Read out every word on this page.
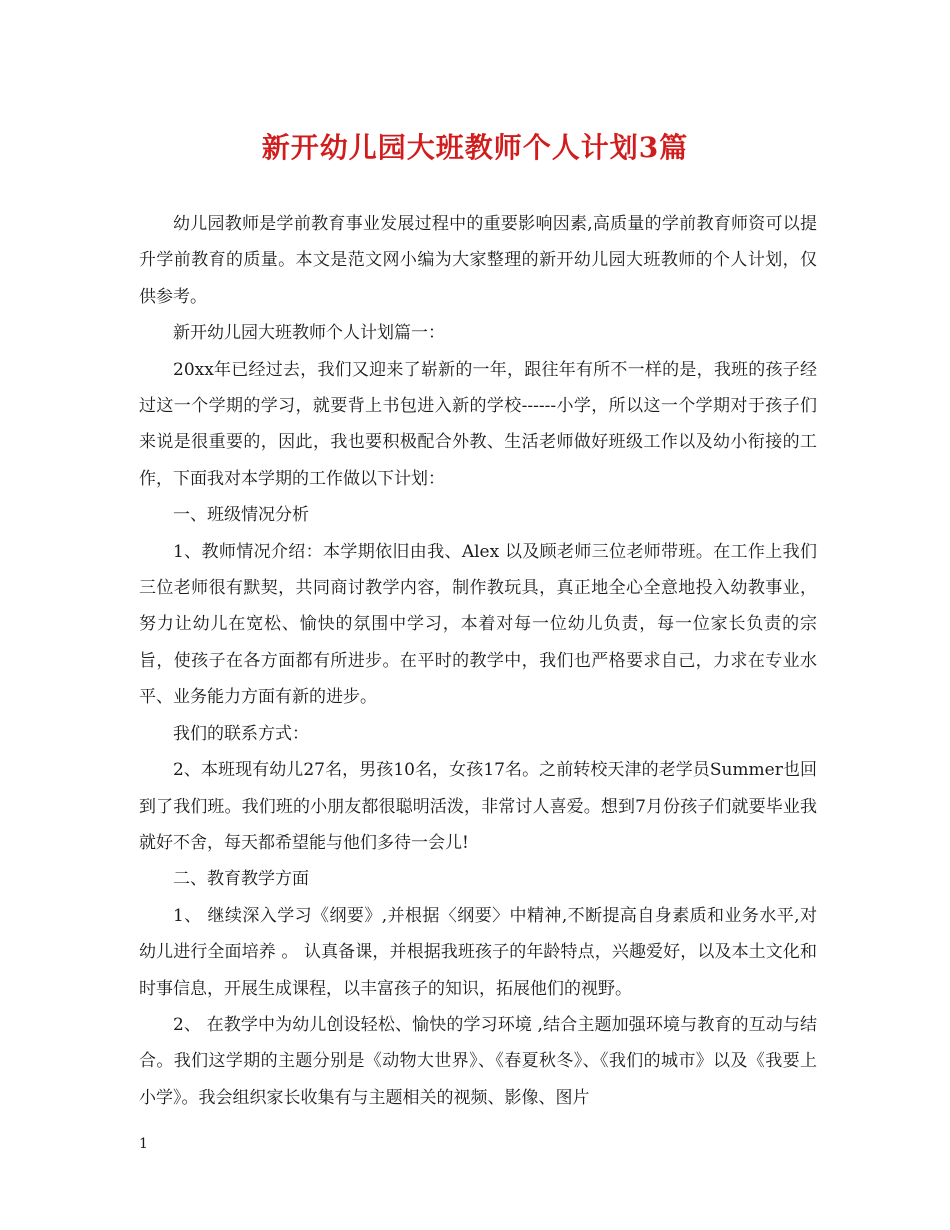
新开幼儿园大班教师个人计划3篇

幼儿园教师是学前教育事业发展过程中的重要影响因素,高质量的学前教育师资可以提升学前教育的质量。本文是范文网小编为大家整理的新开幼儿园大班教师的个人计划，仅供参考。

新开幼儿园大班教师个人计划篇一：

20xx年已经过去，我们又迎来了崭新的一年，跟往年有所不一样的是，我班的孩子经过这一个学期的学习，就要背上书包进入新的学校------小学，所以这一个学期对于孩子们来说是很重要的，因此，我也要积极配合外教、生活老师做好班级工作以及幼小衔接的工作，下面我对本学期的工作做以下计划：

一、班级情况分析

1、教师情况介绍：本学期依旧由我、Alex 以及顾老师三位老师带班。在工作上我们三位老师很有默契，共同商讨教学内容，制作教玩具，真正地全心全意地投入幼教事业，努力让幼儿在宽松、愉快的氛围中学习，本着对每一位幼儿负责，每一位家长负责的宗旨，使孩子在各方面都有所进步。在平时的教学中，我们也严格要求自己，力求在专业水平、业务能力方面有新的进步。

我们的联系方式：

2、本班现有幼儿27名，男孩10名，女孩17名。之前转校天津的老学员Summer也回到了我们班。我们班的小朋友都很聪明活泼，非常讨人喜爱。想到7月份孩子们就要毕业我就好不舍，每天都希望能与他们多待一会儿!

二、教育教学方面

1、 继续深入学习《纲要》,并根据〈纲要〉中精神,不断提高自身素质和业务水平,对幼儿进行全面培养 。 认真备课，并根据我班孩子的年龄特点，兴趣爱好，以及本土文化和时事信息，开展生成课程，以丰富孩子的知识，拓展他们的视野。

2、 在教学中为幼儿创设轻松、愉快的学习环境 ,结合主题加强环境与教育的互动与结合。我们这学期的主题分别是《动物大世界》、《春夏秋冬》、《我们的城市》以及《我要上小学》。我会组织家长收集有与主题相关的视频、影像、图片

1
